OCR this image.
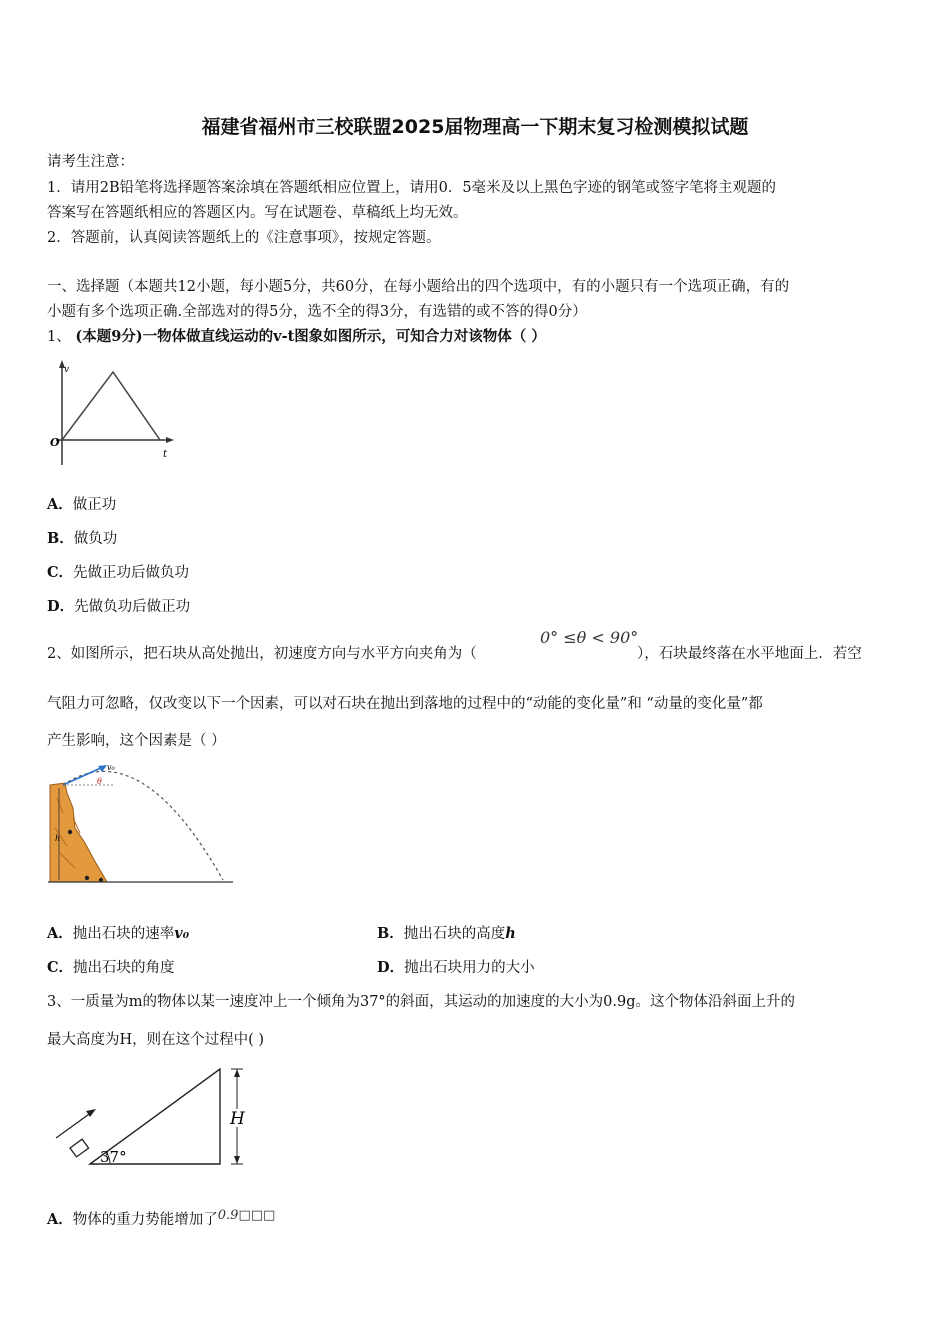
福建省福州市三校联盟2025届物理高一下期末复习检测模拟试题
请考生注意：
1．请用2B铅笔将选择题答案涂填在答题纸相应位置上，请用0．5毫米及以上黑色字迹的钢笔或签字笔将主观题的
答案写在答题纸相应的答题区内。写在试题卷、草稿纸上均无效。
2．答题前，认真阅读答题纸上的《注意事项》，按规定答题。
一、选择题（本题共12小题，每小题5分，共60分，在每小题给出的四个选项中，有的小题只有一个选项正确，有的
小题有多个选项正确.全部选对的得5分，选不全的得3分，有选错的或不答的得0分）
1、 (本题9分)一物体做直线运动的v-t图象如图所示，可知合力对该物体（ ）
v
O
t
A．做正功
B．做负功
C．先做正功后做负功
D．先做负功后做正功
2、如图所示，把石块从高处抛出，初速度方向与水平方向夹角为（
0° ≤θ < 90°
），石块最终落在水平地面上．若空
气阻力可忽略，仅改变以下一个因素，可以对石块在抛出到落地的过程中的“动能的变化量”和 “动量的变化量”都
产生影响，这个因素是（ ）
h
v₀
θ
A．抛出石块的速率v₀	B．抛出石块的高度h
C．抛出石块的角度	D．抛出石块用力的大小
3、一质量为m的物体以某一速度冲上一个倾角为37°的斜面，其运动的加速度的大小为0.9g。这个物体沿斜面上升的
最大高度为H，则在这个过程中( )
37°
H
A．物体的重力势能增加了0.9□□□
